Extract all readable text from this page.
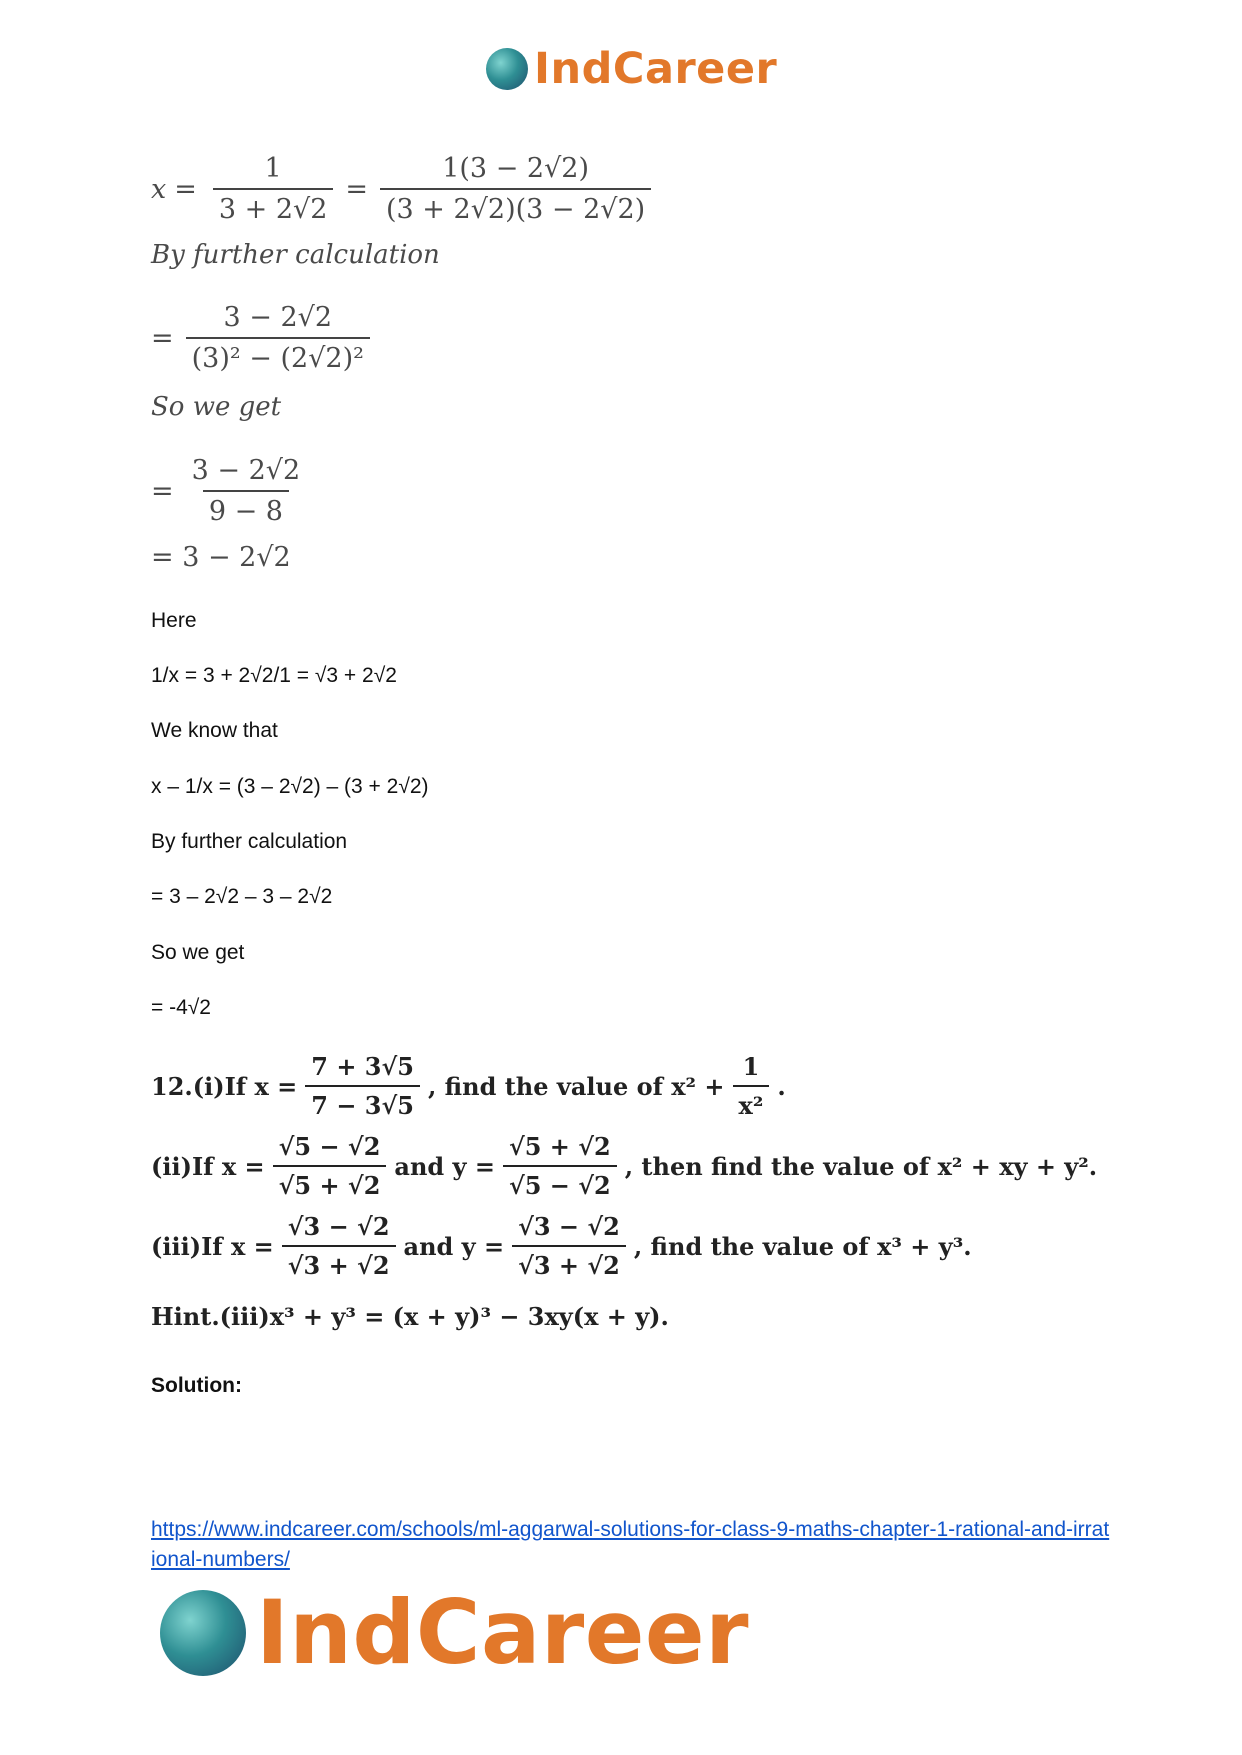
IndCareer
$x = \frac{1}{3 + 2√2} = \frac{1(3 - 2√2)}{(3 + 2√2)(3 - 2√2)}$
By further calculation
= $\frac{3 - 2√2}{\text{(3)² − (2√2)²}}$
So we get
= $\frac{3 - 2√2}{9 - 8}$
= 3 − 2√2
Here
1/x = 3 + 2√2/1 = √3 + 2√2
We know that
x – 1/x = (3 – 2√2) – (3 + 2√2)
By further calculation
= 3 – 2√2 – 3 – 2√2
So we get
= -4√2
12.(i)If $x = \frac{7 + 3√5}{7 - 3√5}$ , find the value of $x^2 + \frac{1}{\text{x²}}$ .
(ii)If $x = \frac{√5 - √2}{√5 + √2}$ and $y = \frac{√5 + √2}{√5 - √2}$ , then find the value of x² + xy + y².
(iii)If $x = \frac{√3 - √2}{√3 + √2}$ and $y = \frac{√3 - √2}{√3 + √2}$ , find the value of x³ + y³.
Hint.(iii)x³ + y³ = (x + y)³ − 3xy(x + y).
Solution:
https://www.indcareer.com/schools/ml-aggarwal-solutions-for-class-9-maths-chapter-1-rational-and-irrational-numbers/
IndCareer
